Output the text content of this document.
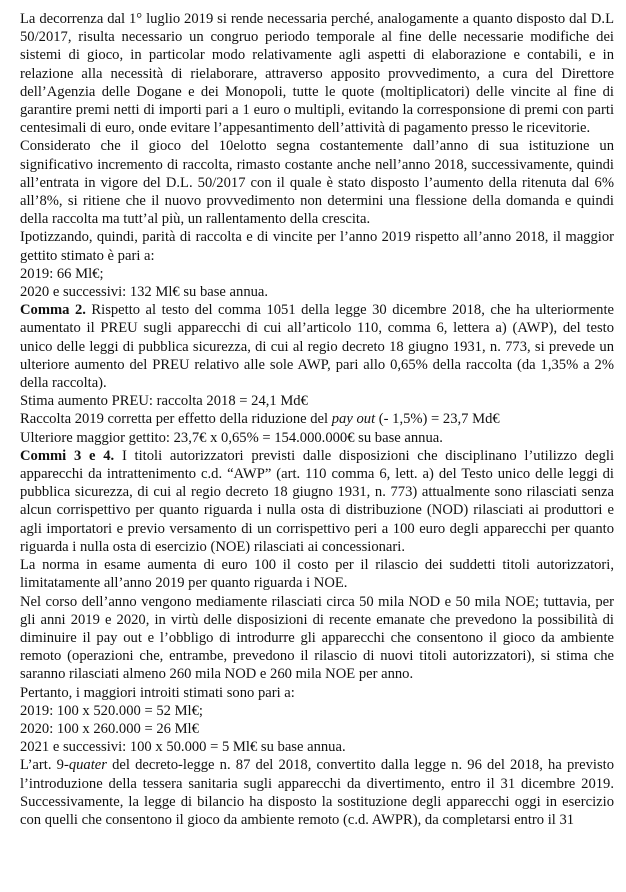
La decorrenza dal 1° luglio 2019 si rende necessaria perché, analogamente a quanto disposto dal D.L 50/2017, risulta necessario un congruo periodo temporale al fine delle necessarie modifiche dei sistemi di gioco, in particolar modo relativamente agli aspetti di elaborazione e contabili, e in relazione alla necessità di rielaborare, attraverso apposito provvedimento, a cura del Direttore dell’Agenzia delle Dogane e dei Monopoli, tutte le quote (moltiplicatori) delle vincite al fine di garantire premi netti di importi pari a 1 euro o multipli, evitando la corresponsione di premi con parti centesimali di euro, onde evitare l’appesantimento dell’attività di pagamento presso le ricevitorie.

Considerato che il gioco del 10elotto segna costantemente dall’anno di sua istituzione un significativo incremento di raccolta, rimasto costante anche nell’anno 2018, successivamente, quindi all’entrata in vigore del D.L. 50/2017 con il quale è stato disposto l’aumento della ritenuta dal 6% all’8%, si ritiene che il nuovo provvedimento non determini una flessione della domanda e quindi della raccolta ma tutt’al più, un rallentamento della crescita.

Ipotizzando, quindi, parità di raccolta e di vincite per l’anno 2019 rispetto all’anno 2018, il maggior gettito stimato è pari a:

2019: 66 Ml€;

2020 e successivi: 132 Ml€ su base annua.

Comma 2. Rispetto al testo del comma 1051 della legge 30 dicembre 2018, che ha ulteriormente aumentato il PREU sugli apparecchi di cui all’articolo 110, comma 6, lettera a) (AWP), del testo unico delle leggi di pubblica sicurezza, di cui al regio decreto 18 giugno 1931, n. 773, si prevede un ulteriore aumento del PREU relativo alle sole AWP, pari allo 0,65% della raccolta (da 1,35% a 2% della raccolta).

Stima aumento PREU: raccolta 2018 = 24,1 Md€

Raccolta 2019 corretta per effetto della riduzione del pay out (- 1,5%) = 23,7 Md€

Ulteriore maggior gettito: 23,7€ x 0,65% = 154.000.000€ su base annua.

Commi 3 e 4. I titoli autorizzatori previsti dalle disposizioni che disciplinano l’utilizzo degli apparecchi da intrattenimento c.d. “AWP” (art. 110 comma 6, lett. a) del Testo unico delle leggi di pubblica sicurezza, di cui al regio decreto 18 giugno 1931, n. 773) attualmente sono rilasciati senza alcun corrispettivo per quanto riguarda i nulla osta di distribuzione (NOD) rilasciati ai produttori e agli importatori e previo versamento di un corrispettivo peri a 100 euro degli apparecchi per quanto riguarda i nulla osta di esercizio (NOE) rilasciati ai concessionari.

La norma in esame aumenta di euro 100 il costo per il rilascio dei suddetti titoli autorizzatori, limitatamente all’anno 2019 per quanto riguarda i NOE.

Nel corso dell’anno vengono mediamente rilasciati circa 50 mila NOD e 50 mila NOE; tuttavia, per gli anni 2019 e 2020, in virtù delle disposizioni di recente emanate che prevedono la possibilità di diminuire il pay out e l’obbligo di introdurre gli apparecchi che consentono il gioco da ambiente remoto (operazioni che, entrambe, prevedono il rilascio di nuovi titoli autorizzatori), si stima che saranno rilasciati almeno 260 mila NOD e 260 mila NOE per anno.

Pertanto, i maggiori introiti stimati sono pari a:

2019: 100 x 520.000 = 52 Ml€;

2020: 100 x 260.000 = 26 Ml€

2021 e successivi: 100 x 50.000 = 5 Ml€ su base annua.

L’art. 9-quater del decreto-legge n. 87 del 2018, convertito dalla legge n. 96 del 2018, ha previsto l’introduzione della tessera sanitaria sugli apparecchi da divertimento, entro il 31 dicembre 2019. Successivamente, la legge di bilancio ha disposto la sostituzione degli apparecchi oggi in esercizio con quelli che consentono il gioco da ambiente remoto (c.d. AWPR), da completarsi entro il 31
